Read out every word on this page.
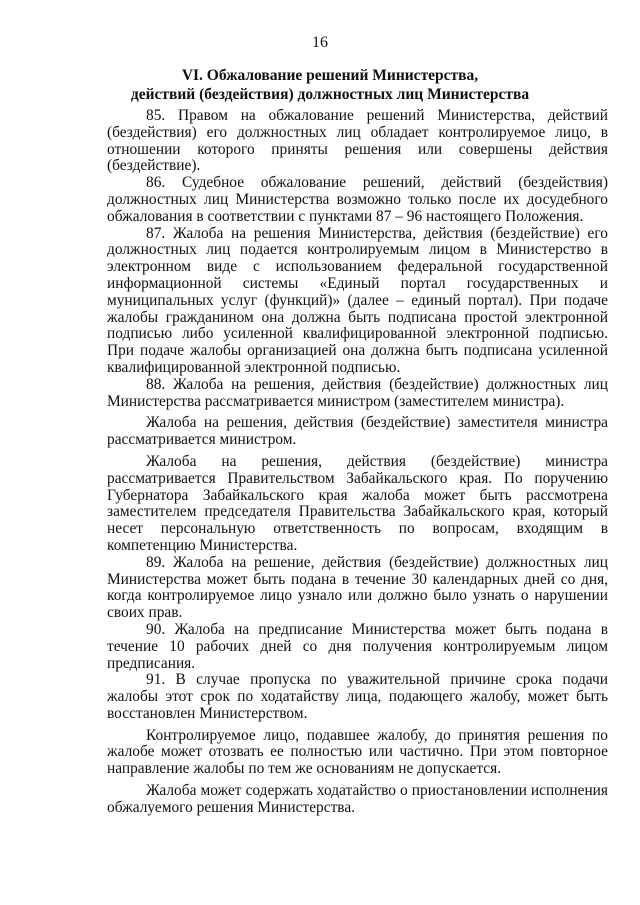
16
VI. Обжалование решений Министерства,
действий (бездействия) должностных лиц Министерства

85. Правом на обжалование решений Министерства, действий (бездействия) его должностных лиц обладает контролируемое лицо, в отношении которого приняты решения или совершены действия (бездействие).

86. Судебное обжалование решений, действий (бездействия) должностных лиц Министерства возможно только после их досудебного обжалования в соответствии с пунктами 87 – 96 настоящего Положения.

87. Жалоба на решения Министерства, действия (бездействие) его должностных лиц подается контролируемым лицом в Министерство в электронном виде с использованием федеральной государственной информационной системы «Единый портал государственных и муниципальных услуг (функций)» (далее – единый портал). При подаче жалобы гражданином она должна быть подписана простой электронной подписью либо усиленной квалифицированной электронной подписью. При подаче жалобы организацией она должна быть подписана усиленной квалифицированной электронной подписью.

88. Жалоба на решения, действия (бездействие) должностных лиц Министерства рассматривается министром (заместителем министра).

Жалоба на решения, действия (бездействие) заместителя министра рассматривается министром.

Жалоба на решения, действия (бездействие) министра рассматривается Правительством Забайкальского края. По поручению Губернатора Забайкальского края жалоба может быть рассмотрена заместителем председателя Правительства Забайкальского края, который несет персональную ответственность по вопросам, входящим в компетенцию Министерства.

89. Жалоба на решение, действия (бездействие) должностных лиц Министерства может быть подана в течение 30 календарных дней со дня, когда контролируемое лицо узнало или должно было узнать о нарушении своих прав.

90. Жалоба на предписание Министерства может быть подана в течение 10 рабочих дней со дня получения контролируемым лицом предписания.

91. В случае пропуска по уважительной причине срока подачи жалобы этот срок по ходатайству лица, подающего жалобу, может быть восстановлен Министерством.

Контролируемое лицо, подавшее жалобу, до принятия решения по жалобе может отозвать ее полностью или частично. При этом повторное направление жалобы по тем же основаниям не допускается.

Жалоба может содержать ходатайство о приостановлении исполнения обжалуемого решения Министерства.
